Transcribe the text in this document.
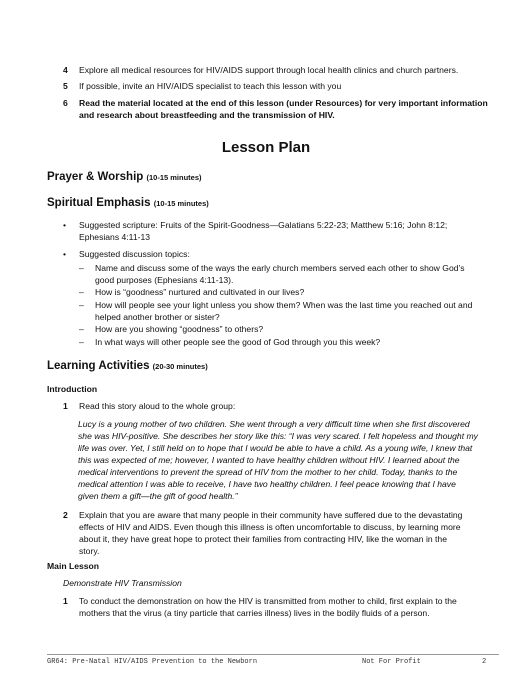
4 Explore all medical resources for HIV/AIDS support through local health clinics and church partners.
5 If possible, invite an HIV/AIDS specialist to teach this lesson with you
6 Read the material located at the end of this lesson (under Resources) for very important information
and research about breastfeeding and the transmission of HIV.
Lesson Plan
Prayer & Worship (10-15 minutes)
Spiritual Emphasis (10-15 minutes)
• Suggested scripture: Fruits of the Spirit-Goodness—Galatians 5:22-23; Matthew 5:16; John 8:12;
Ephesians 4:11-13
• Suggested discussion topics:
– Name and discuss some of the ways the early church members served each other to show God’s
good purposes (Ephesians 4:11-13).
– How is “goodness” nurtured and cultivated in our lives?
– How will people see your light unless you show them? When was the last time you reached out and
helped another brother or sister?
– How are you showing “goodness” to others?
– In what ways will other people see the good of God through you this week?
Learning Activities (20-30 minutes)
Introduction
1 Read this story aloud to the whole group:
Lucy is a young mother of two children. She went through a very difficult time when she first discovered
she was HIV-positive. She describes her story like this: “I was very scared. I felt hopeless and thought my
life was over. Yet, I still held on to hope that I would be able to have a child. As a young wife, I knew that
this was expected of me; however, I wanted to have healthy children without HIV. I learned about the
medical interventions to prevent the spread of HIV from the mother to her child. Today, thanks to the
medical attention I was able to receive, I have two healthy children. I feel peace knowing that I have
given them a gift—the gift of good health.”
2 Explain that you are aware that many people in their community have suffered due to the devastating
effects of HIV and AIDS. Even though this illness is often uncomfortable to discuss, by learning more
about it, they have great hope to protect their families from contracting HIV, like the woman in the
story.
Main Lesson
Demonstrate HIV Transmission
1 To conduct the demonstration on how the HIV is transmitted from mother to child, first explain to the
mothers that the virus (a tiny particle that carries illness) lives in the bodily fluids of a person.
GR64: Pre-Natal HIV/AIDS Prevention to the Newborn	Not For Profit	2
